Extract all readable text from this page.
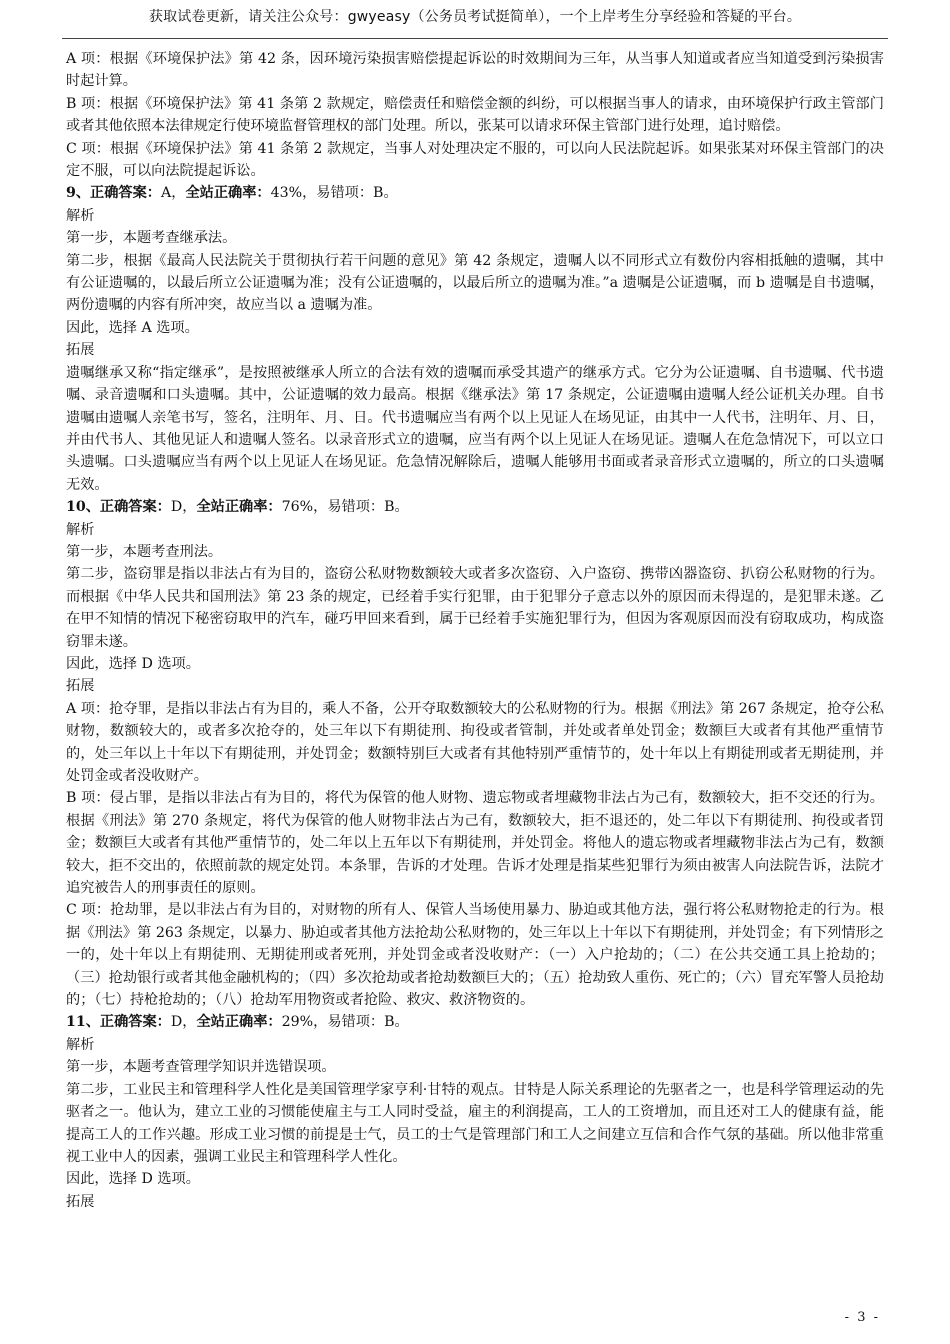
获取试卷更新，请关注公众号：gwyeasy（公务员考试挺简单），一个上岸考生分享经验和答疑的平台。

A 项：根据《环境保护法》第 42 条，因环境污染损害赔偿提起诉讼的时效期间为三年，从当事人知道或者应当知道受到污染损害时起计算。

B 项：根据《环境保护法》第 41 条第 2 款规定，赔偿责任和赔偿金额的纠纷，可以根据当事人的请求，由环境保护行政主管部门或者其他依照本法律规定行使环境监督管理权的部门处理。所以，张某可以请求环保主管部门进行处理，追讨赔偿。

C 项：根据《环境保护法》第 41 条第 2 款规定，当事人对处理决定不服的，可以向人民法院起诉。如果张某对环保主管部门的决定不服，可以向法院提起诉讼。

9、正确答案：A，全站正确率：43%，易错项：B。

解析

第一步，本题考查继承法。

第二步，根据《最高人民法院关于贯彻执行若干问题的意见》第 42 条规定，遗嘱人以不同形式立有数份内容相抵触的遗嘱，其中有公证遗嘱的，以最后所立公证遗嘱为准；没有公证遗嘱的，以最后所立的遗嘱为准。”a 遗嘱是公证遗嘱，而 b 遗嘱是自书遗嘱，两份遗嘱的内容有所冲突，故应当以 a 遗嘱为准。

因此，选择 A 选项。

拓展

遗嘱继承又称“指定继承”，是按照被继承人所立的合法有效的遗嘱而承受其遗产的继承方式。它分为公证遗嘱、自书遗嘱、代书遗嘱、录音遗嘱和口头遗嘱。其中，公证遗嘱的效力最高。根据《继承法》第 17 条规定，公证遗嘱由遗嘱人经公证机关办理。自书遗嘱由遗嘱人亲笔书写，签名，注明年、月、日。代书遗嘱应当有两个以上见证人在场见证，由其中一人代书，注明年、月、日，并由代书人、其他见证人和遗嘱人签名。以录音形式立的遗嘱，应当有两个以上见证人在场见证。遗嘱人在危急情况下，可以立口头遗嘱。口头遗嘱应当有两个以上见证人在场见证。危急情况解除后，遗嘱人能够用书面或者录音形式立遗嘱的，所立的口头遗嘱无效。

10、正确答案：D，全站正确率：76%，易错项：B。

解析

第一步，本题考查刑法。

第二步，盗窃罪是指以非法占有为目的，盗窃公私财物数额较大或者多次盗窃、入户盗窃、携带凶器盗窃、扒窃公私财物的行为。而根据《中华人民共和国刑法》第 23 条的规定，已经着手实行犯罪，由于犯罪分子意志以外的原因而未得逞的，是犯罪未遂。乙在甲不知情的情况下秘密窃取甲的汽车，碰巧甲回来看到，属于已经着手实施犯罪行为，但因为客观原因而没有窃取成功，构成盗窃罪未遂。

因此，选择 D 选项。

拓展

A 项：抢夺罪，是指以非法占有为目的，乘人不备，公开夺取数额较大的公私财物的行为。根据《刑法》第 267 条规定，抢夺公私财物，数额较大的，或者多次抢夺的，处三年以下有期徒刑、拘役或者管制，并处或者单处罚金；数额巨大或者有其他严重情节的，处三年以上十年以下有期徒刑，并处罚金；数额特别巨大或者有其他特别严重情节的，处十年以上有期徒刑或者无期徒刑，并处罚金或者没收财产。

B 项：侵占罪，是指以非法占有为目的，将代为保管的他人财物、遗忘物或者埋藏物非法占为己有，数额较大，拒不交还的行为。根据《刑法》第 270 条规定，将代为保管的他人财物非法占为己有，数额较大，拒不退还的，处二年以下有期徒刑、拘役或者罚金；数额巨大或者有其他严重情节的，处二年以上五年以下有期徒刑，并处罚金。将他人的遗忘物或者埋藏物非法占为己有，数额较大，拒不交出的，依照前款的规定处罚。本条罪，告诉的才处理。告诉才处理是指某些犯罪行为须由被害人向法院告诉，法院才追究被告人的刑事责任的原则。

C 项：抢劫罪，是以非法占有为目的，对财物的所有人、保管人当场使用暴力、胁迫或其他方法，强行将公私财物抢走的行为。根据《刑法》第 263 条规定，以暴力、胁迫或者其他方法抢劫公私财物的，处三年以上十年以下有期徒刑，并处罚金；有下列情形之一的，处十年以上有期徒刑、无期徒刑或者死刑，并处罚金或者没收财产：（一）入户抢劫的；（二）在公共交通工具上抢劫的；（三）抢劫银行或者其他金融机构的；（四）多次抢劫或者抢劫数额巨大的；（五）抢劫致人重伤、死亡的；（六）冒充军警人员抢劫的；（七）持枪抢劫的；（八）抢劫军用物资或者抢险、救灾、救济物资的。

11、正确答案：D，全站正确率：29%，易错项：B。

解析

第一步，本题考查管理学知识并选错误项。

第二步，工业民主和管理科学人性化是美国管理学家亨利·甘特的观点。甘特是人际关系理论的先驱者之一，也是科学管理运动的先驱者之一。他认为，建立工业的习惯能使雇主与工人同时受益，雇主的利润提高，工人的工资增加，而且还对工人的健康有益，能提高工人的工作兴趣。形成工业习惯的前提是士气，员工的士气是管理部门和工人之间建立互信和合作气氛的基础。所以他非常重视工业中人的因素，强调工业民主和管理科学人性化。

因此，选择 D 选项。

拓展

- 3 -
